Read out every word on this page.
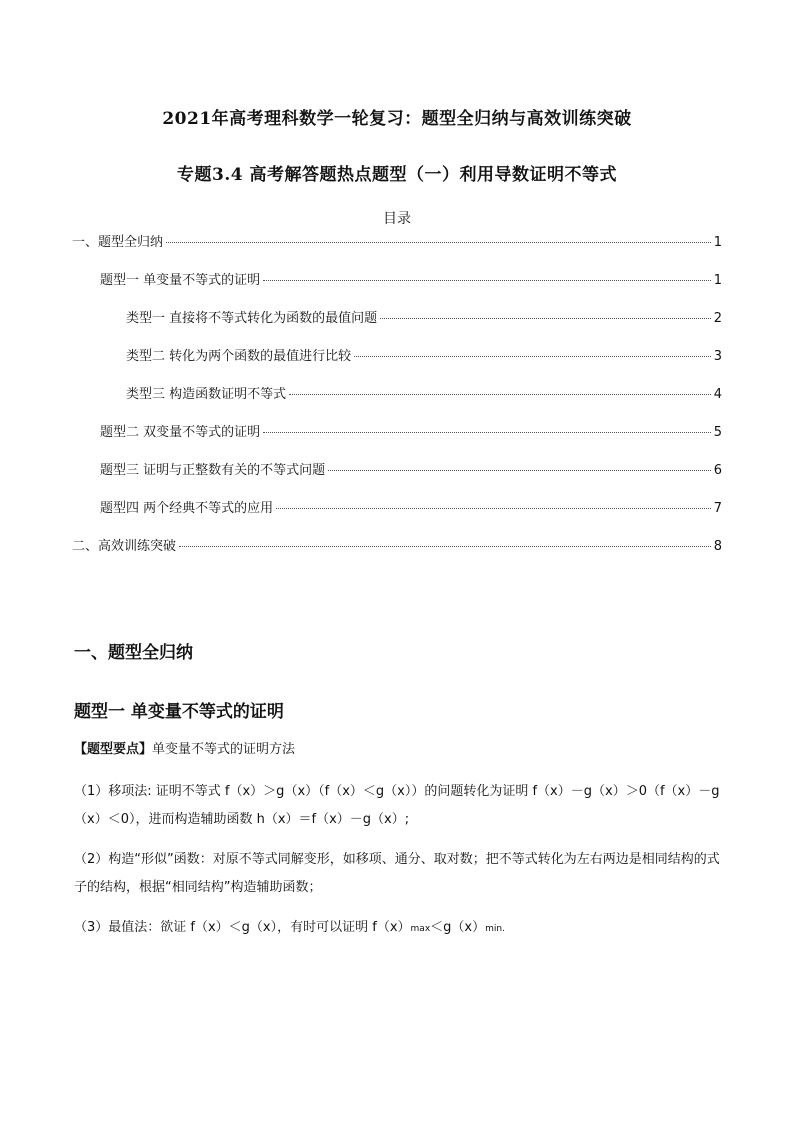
2021年高考理科数学一轮复习：题型全归纳与高效训练突破
专题3.4 高考解答题热点题型（一）利用导数证明不等式
目录
一、题型全归纳	1
题型一 单变量不等式的证明	1
类型一 直接将不等式转化为函数的最值问题	2
类型二 转化为两个函数的最值进行比较	3
类型三 构造函数证明不等式	4
题型二 双变量不等式的证明	5
题型三 证明与正整数有关的不等式问题	6
题型四 两个经典不等式的应用	7
二、高效训练突破	8
一、题型全归纳
题型一 单变量不等式的证明
【题型要点】单变量不等式的证明方法
（1）移项法: 证明不等式 f（x）＞g（x）（f（x）＜g（x））的问题转化为证明 f（x）－g（x）＞0（f（x）－g（x）＜0），进而构造辅助函数 h（x）＝f（x）－g（x）;
（2）构造“形似”函数：对原不等式同解变形，如移项、通分、取对数；把不等式转化为左右两边是相同结构的式子的结构，根据“相同结构”构造辅助函数；
（3）最值法：欲证 f（x）＜g（x），有时可以证明 f（x）max＜g（x）min.
